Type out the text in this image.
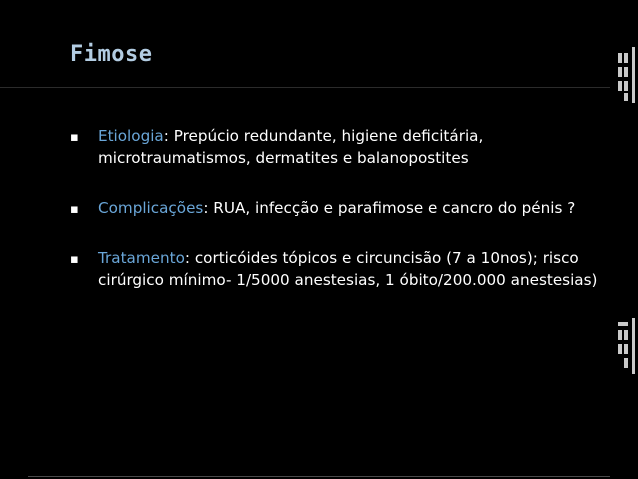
Fimose
▪ Etiologia: Prepúcio redundante, higiene deficitária, microtraumatismos, dermatites e balanopostites
▪ Complicações: RUA, infecção e parafimose e cancro do pénis ?
▪ Tratamento: corticóides tópicos e circuncisão (7 a 10nos); risco cirúrgico mínimo- 1/5000 anestesias, 1 óbito/200.000 anestesias)
